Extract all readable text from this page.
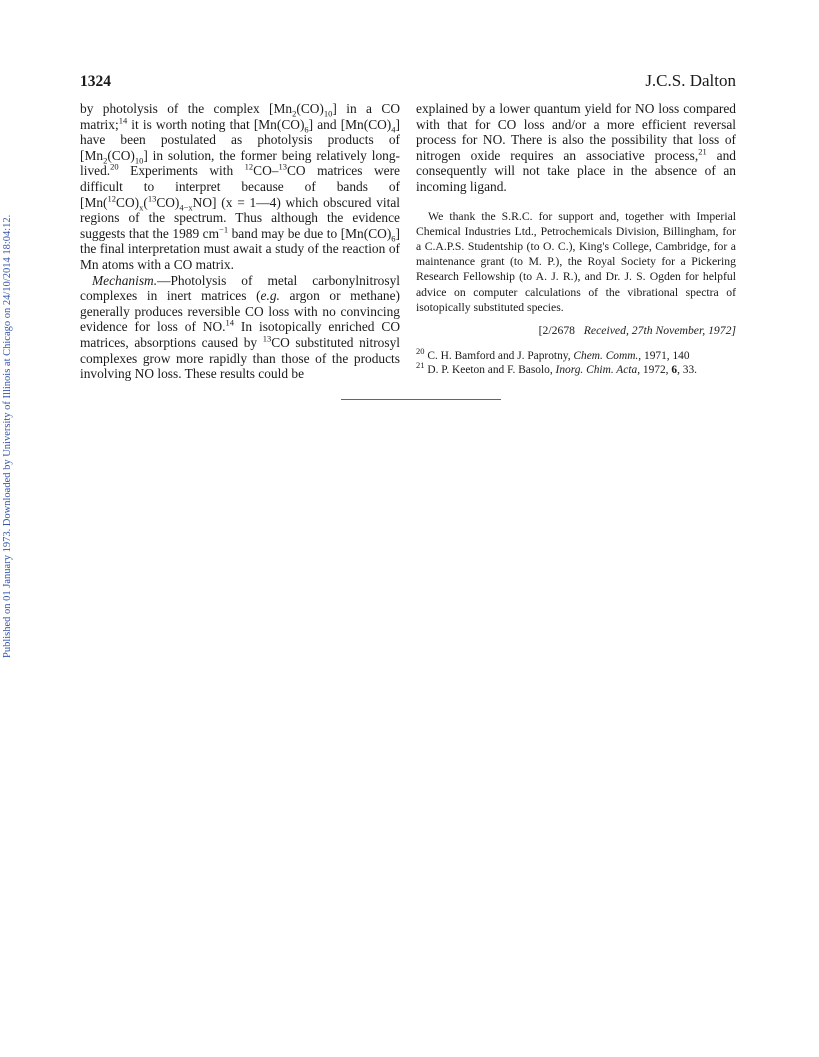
Published on 01 January 1973. Downloaded by University of Illinois at Chicago on 24/10/2014 18:04:12.
1324	J.C.S. Dalton

by photolysis of the complex $[Mn_2(CO)_{10}]$ in a CO matrix;$^{14}$ it is worth noting that $[Mn(CO)_6]$ and $[Mn(CO)_4]$ have been postulated as photolysis products of $[Mn_2(CO)_{10}]$ in solution, the former being relatively long-lived.$^{20}$ Experiments with $^{12}$CO–$^{13}$CO matrices were difficult to interpret because of bands of $[Mn(^{12}CO)_x(^{13}CO)_{4-x}NO] (x$ = 1—4) which obscured vital regions of the spectrum. Thus although the evidence suggests that the 1989 $cm^{-1}$ band may be due to $[Mn(CO)_6]$ the final interpretation must await a study of the reaction of Mn atoms with a CO matrix.

Mechanism.—Photolysis of metal carbonylnitrosyl complexes in inert matrices (e.g. argon or methane) generally produces reversible CO loss with no convincing evidence for loss of NO.$^{14}$ In isotopically enriched CO matrices, absorptions caused by $^{13}$CO substituted nitrosyl complexes grow more rapidly than those of the products involving NO loss. These results could be

explained by a lower quantum yield for NO loss compared with that for CO loss and/or a more efficient reversal process for NO. There is also the possibility that loss of nitrogen oxide requires an associative process,$^{21}$ and consequently will not take place in the absence of an incoming ligand.

We thank the S.R.C. for support and, together with Imperial Chemical Industries Ltd., Petrochemicals Division, Billingham, for a C.A.P.S. Studentship (to O. C.), King's College, Cambridge, for a maintenance grant (to M. P.), the Royal Society for a Pickering Research Fellowship (to A. J. R.), and Dr. J. S. Ogden for helpful advice on computer calculations of the vibrational spectra of isotopically substituted species.

[2/2678 Received, 27th November, 1972]

$^{20}$ C. H. Bamford and J. Paprotny, Chem. Comm., 1971, 140
$^{21}$ D. P. Keeton and F. Basolo, Inorg. Chim. Acta, 1972, 6, 33.
